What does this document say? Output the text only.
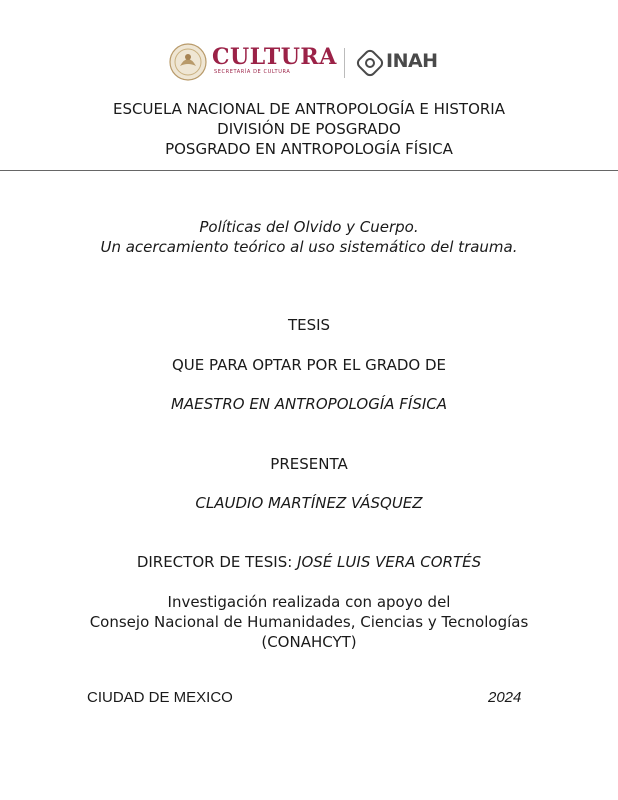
CULTURA
SECRETARÍA DE CULTURA	INAH
ESCUELA NACIONAL DE ANTROPOLOGÍA E HISTORIA
DIVISIÓN DE POSGRADO
POSGRADO EN ANTROPOLOGÍA FÍSICA
Políticas del Olvido y Cuerpo.
Un acercamiento teórico al uso sistemático del trauma.
TESIS
QUE PARA OPTAR POR EL GRADO DE
MAESTRO EN ANTROPOLOGÍA FÍSICA
PRESENTA
CLAUDIO MARTÍNEZ VÁSQUEZ
DIRECTOR DE TESIS: JOSÉ LUIS VERA CORTÉS
Investigación realizada con apoyo del
Consejo Nacional de Humanidades, Ciencias y Tecnologías
(CONAHCYT)
CIUDAD DE MEXICO	2024
